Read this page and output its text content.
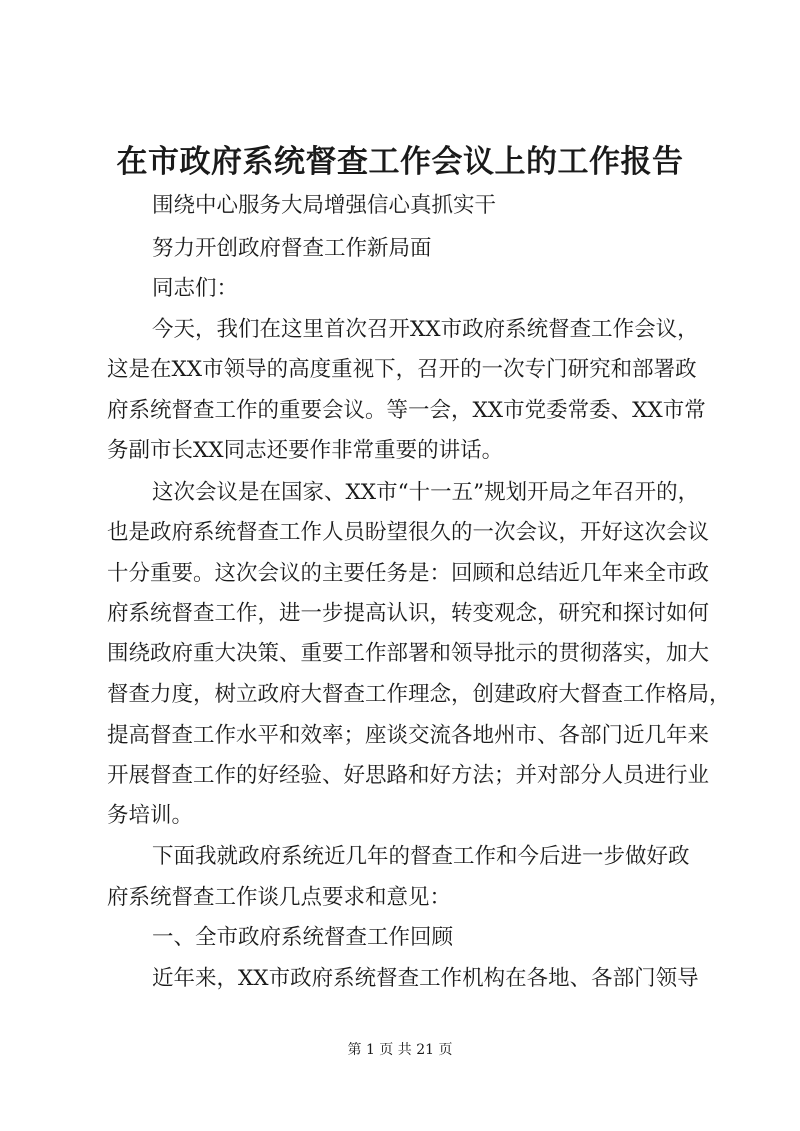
在市政府系统督查工作会议上的工作报告
围绕中心服务大局增强信心真抓实干
努力开创政府督查工作新局面
同志们：
今天，我们在这里首次召开XX市政府系统督查工作会议，
这是在XX市领导的高度重视下，召开的一次专门研究和部署政
府系统督查工作的重要会议。等一会，XX市党委常委、XX市常
务副市长XX同志还要作非常重要的讲话。
这次会议是在国家、XX市“十一五”规划开局之年召开的，
也是政府系统督查工作人员盼望很久的一次会议，开好这次会议
十分重要。这次会议的主要任务是：回顾和总结近几年来全市政
府系统督查工作，进一步提高认识，转变观念，研究和探讨如何
围绕政府重大决策、重要工作部署和领导批示的贯彻落实，加大
督查力度，树立政府大督查工作理念，创建政府大督查工作格局，
提高督查工作水平和效率；座谈交流各地州市、各部门近几年来
开展督查工作的好经验、好思路和好方法；并对部分人员进行业
务培训。
下面我就政府系统近几年的督查工作和今后进一步做好政
府系统督查工作谈几点要求和意见：
一、全市政府系统督查工作回顾
近年来，XX市政府系统督查工作机构在各地、各部门领导
第 1 页 共 21 页
